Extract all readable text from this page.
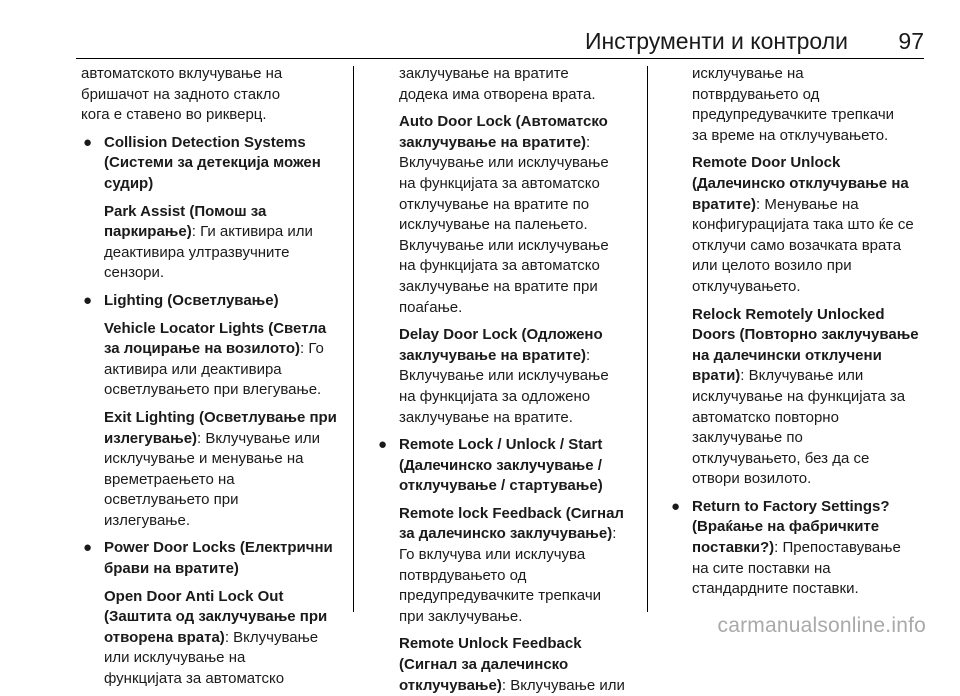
Инструменти и контроли 97
автоматското вклучување на
бришачот на задното стакло
кога е ставено во рикверц.
● Collision Detection Systems
(Системи за детекција можен
судир)
Park Assist (Помош за
паркирање): Ги активира или
деактивира ултразвучните
сензори.
● Lighting (Осветлување)
Vehicle Locator Lights (Светла
за лоцирање на возилото): Го
активира или деактивира
осветлувањето при влегување.
Exit Lighting (Осветлување при
излегување): Вклучување или
исклучување и менување на
времетраењето на
осветлувањето при
излегување.
● Power Door Locks (Електрични
брави на вратите)
Open Door Anti Lock Out
(Заштита од заклучување при
отворена врата): Вклучување
или исклучување на
функцијата за автоматско
заклучување на вратите
додека има отворена врата.
Auto Door Lock (Автоматско
заклучување на вратите):
Вклучување или исклучување
на функцијата за автоматско
отклучување на вратите по
исклучување на палењето.
Вклучување или исклучување
на функцијата за автоматско
заклучување на вратите при
поаѓање.
Delay Door Lock (Одложено
заклучување на вратите):
Вклучување или исклучување
на функцијата за одложено
заклучување на вратите.
● Remote Lock / Unlock / Start
(Далечинско заклучување /
отклучување / стартување)
Remote lock Feedback (Сигнал
за далечинско заклучување):
Го вклучува или исклучува
потврдувањето од
предупредувачките трепкачи
при заклучување.
Remote Unlock Feedback
(Сигнал за далечинско
отклучување): Вклучување или
исклучување на
потврдувањето од
предупредувачките трепкачи
за време на отклучувањето.
Remote Door Unlock
(Далечинско отклучување на
вратите): Менување на
конфигурацијата така што ќе се
отклучи само возачката врата
или целото возило при
отклучувањето.
Relock Remotely Unlocked
Doors (Повторно заклучување
на далечински отклучени
врати): Вклучување или
исклучување на функцијата за
автоматско повторно
заклучување по
отклучувањето, без да се
отвори возилото.
● Return to Factory Settings?
(Враќање на фабричките
поставки?): Препоставување
на сите поставки на
стандардните поставки.
carmanualsonline.info
